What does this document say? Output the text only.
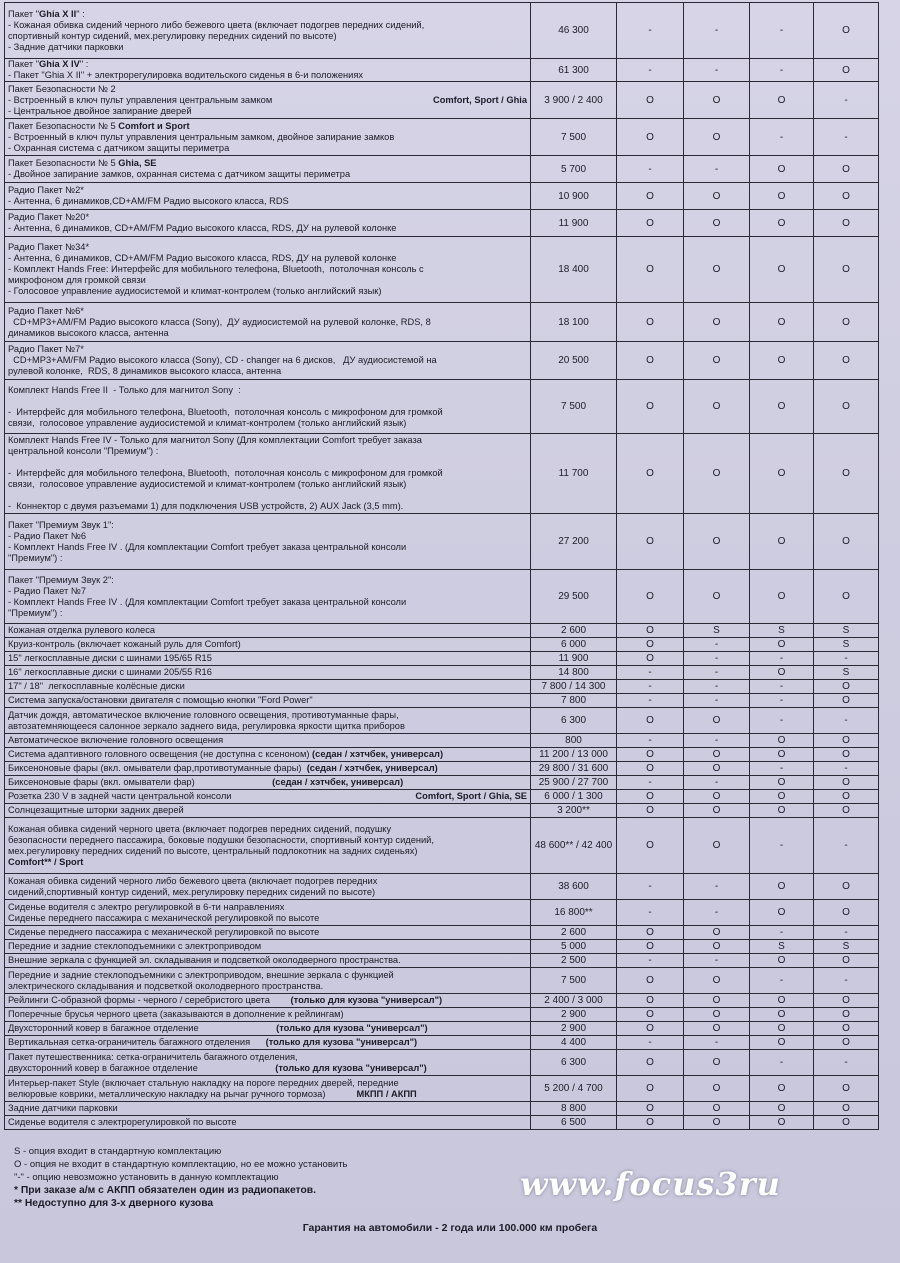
Пакет "Ghia X II" :
- Кожаная обивка сидений черного либо бежевого цвета (включает подогрев передних сидений,
спортивный контур сидений, мех.регулировку передних сидений по высоте)
- Задние датчики парковки	46 300	-	-	-	O

Пакет "Ghia X IV" :
- Пакет "Ghia X II" + электрорегулировка водительского сиденья в 6-и положениях	61 300	-	-	-	O

Пакет Безопасности № 2
- Встроенный в ключ пульт управления центральным замком Comfort, Sport / Ghia
- Центральное двойное запирание дверей	3 900 / 2 400	O	O	O	-

Пакет Безопасности № 5 Comfort и Sport
- Встроенный в ключ пульт управления центральным замком, двойное запирание замков
- Охранная система с датчиком защиты периметра	7 500	O	O	-	-

Пакет Безопасности № 5 Ghia, SE
- Двойное запирание замков, охранная система с датчиком защиты периметра	5 700	-	-	O	O

Радио Пакет №2*
- Антенна, 6 динамиков,CD+AM/FM Радио высокого класса, RDS	10 900	O	O	O	O

Радио Пакет №20*
- Антенна, 6 динамиков, CD+AM/FM Радио высокого класса, RDS, ДУ на рулевой колонке	11 900	O	O	O	O

Радио Пакет №34*
- Антенна, 6 динамиков, CD+AM/FM Радио высокого класса, RDS, ДУ на рулевой колонке
- Комплект Hands Free: Интерфейс для мобильного телефона, Bluetooth,  потолочная консоль с
микрофоном для громкой связи
- Голосовое управление аудиосистемой и климат-контролем (только английский язык)	18 400	O	O	O	O

Радио Пакет №6*
CD+MP3+AM/FM Радио высокого класса (Sony),  ДУ аудиосистемой на рулевой колонке, RDS, 8
динамиков высокого класса, антенна	18 100	O	O	O	O

Радио Пакет №7*
CD+MP3+AM/FM Радио высокого класса (Sony), CD - changer на 6 дисков,   ДУ аудиосистемой на
рулевой колонке,  RDS, 8 динамиков высокого класса, антенна	20 500	O	O	O	O

Комплект Hands Free II  - Только для магнитол Sony  :

-  Интерфейс для мобильного телефона, Bluetooth,  потолочная консоль с микрофоном для громкой
связи,  голосовое управление аудиосистемой и климат-контролем (только английский язык)	7 500	O	O	O	O

Комплект Hands Free IV - Только для магнитол Sony (Для комплектации Comfort требует заказа
центральной консоли "Премиум") :

-  Интерфейс для мобильного телефона, Bluetooth,  потолочная консоль с микрофоном для громкой
связи,  голосовое управление аудиосистемой и климат-контролем (только английский язык)

-  Коннектор с двумя разъемами 1) для подключения USB устройств, 2) AUX Jack (3,5 mm).	11 700	O	O	O	O

Пакет "Премиум Звук 1":
- Радио Пакет №6
- Комплект Hands Free IV . (Для комплектации Comfort требует заказа центральной консоли
"Премиум") :	27 200	O	O	O	O

Пакет "Премиум Звук 2":
- Радио Пакет №7
- Комплект Hands Free IV . (Для комплектации Comfort требует заказа центральной консоли
"Премиум") :	29 500	O	O	O	O

Кожаная отделка рулевого колеса	2 600	O	S	S	S

Круиз-контроль (включает кожаный руль для Comfort)	6 000	O	-	O	S

15" легкосплавные диски с шинами 195/65 R15	11 900	O	-	-	-

16" легкосплавные диски с шинами 205/55 R16	14 800	-	-	O	S

17" / 18"  легкосплавные колёсные диски	7 800 / 14 300	-	-	-	O

Система запуска/остановки двигателя с помощью кнопки "Ford Power"	7 800	-	-	-	O

Датчик дождя, автоматическое включение головного освещения, противотуманные фары,
автозатемняющееся салонное зеркало заднего вида, регулировка яркости щитка приборов	6 300	O	O	-	-

Автоматическое включение головного освещения	800	-	-	O	O

Система адаптивного головного освещения (не доступна с ксеноном) (седан / хэтчбек, универсал)	11 200 / 13 000	O	O	O	O

Биксеноновые фары (вкл. омыватели фар,противотуманные фары)  (седан / хэтчбек, универсал)	29 800 / 31 600	O	O	-	-

Биксеноновые фары (вкл. омыватели фар)                              (седан / хэтчбек, универсал)	25 900 / 27 700	-	-	O	O

Розетка 230 V в задней части центральной консоли Comfort, Sport / Ghia, SE	6 000 / 1 300	O	O	O	O

Солнцезащитные шторки задних дверей	3 200**	O	O	O	O

Кожаная обивка сидений черного цвета (включает подогрев передних сидений, подушку
безопасности переднего пассажира, боковые подушки безопасности, спортивный контур сидений,
мех.регулировку передних сидений по высоте, центральный подлокотник на задних сиденьях)
Comfort** / Sport	48 600** / 42 400	O	O	-	-

Кожаная обивка сидений черного либо бежевого цвета (включает подогрев передних
сидений,спортивный контур сидений, мех.регулировку передних сидений по высоте)	38 600	-	-	O	O

Сиденье водителя с электро регулировкой в 6-ти направлениях
Сиденье переднего пассажира с механической регулировкой по высоте	16 800**	-	-	O	O

Сиденье переднего пассажира с механической регулировкой по высоте	2 600	O	O	-	-

Передние и задние стеклоподъемники с электроприводом	5 000	O	O	S	S

Внешние зеркала с функцией эл. складывания и подсветкой околодверного пространства.	2 500	-	-	O	O

Передние и задние стеклоподъемники с электроприводом, внешние зеркала с функцией
электрического складывания и подсветкой околодверного пространства.	7 500	O	O	-	-

Рейлинги С-образной формы - черного / серебристого цвета        (только для кузова "универсал")	2 400 / 3 000	O	O	O	O

Поперечные брусья черного цвета (заказываются в дополнение к рейлингам)	2 900	O	O	O	O

Двухсторонний ковер в багажное отделение                              (только для кузова "универсал")	2 900	O	O	O	O

Вертикальная сетка-ограничитель багажного отделения      (только для кузова "универсал")	4 400	-	-	O	O

Пакет путешественника: сетка-ограничитель багажного отделения,
двухсторонний ковер в багажное отделение                              (только для кузова "универсал")	6 300	O	O	-	-

Интерьер-пакет Style (включает стальную накладку на пороге передних дверей, передние
велюровые коврики, металлическую накладку на рычаг ручного тормоза)            МКПП / АКПП	5 200 / 4 700	O	O	O	O

Задние датчики парковки	8 800	O	O	O	O

Сиденье водителя с электрорегулировкой по высоте	6 500	O	O	O	O
S - опция входит в стандартную комплектацию
O - опция не входит в стандартную комплектацию, но ее можно установить
"-" - опцию невозможно установить в данную комплектацию
* При заказе а/м с АКПП обязателен один из радиопакетов.
** Недоступно для 3-х дверного кузова
Гарантия на автомобили - 2 года или 100.000 км пробега
www.focus3ru
